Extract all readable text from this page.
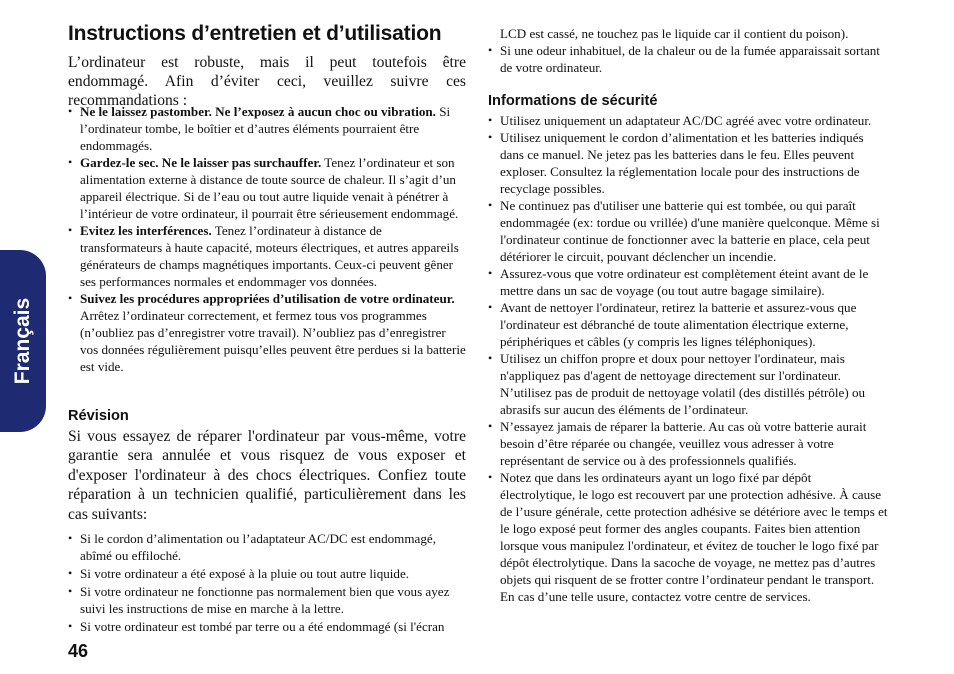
Français
Instructions d’entretien et d’utilisation

L’ordinateur est robuste, mais il peut toutefois être endommagé. Afin d’éviter ceci, veuillez suivre ces recommandations :

• Ne le laissez pastomber. Ne l’exposez à aucun choc ou vibration. Si l’ordinateur tombe, le boîtier et d’autres éléments pourraient être endommagés.
• Gardez-le sec. Ne le laisser pas surchauffer. Tenez l’ordinateur et son alimentation externe à distance de toute source de chaleur. Il s’agit d’un appareil électrique. Si de l’eau ou tout autre liquide venait à pénétrer à l’intérieur de votre ordinateur, il pourrait être sérieusement endommagé.
• Evitez les interférences. Tenez l’ordinateur à distance de transformateurs à haute capacité, moteurs électriques, et autres appareils générateurs de champs magnétiques importants. Ceux-ci peuvent gêner ses performances normales et endommager vos données.
• Suivez les procédures appropriées d’utilisation de votre ordinateur. Arrêtez l’ordinateur correctement, et fermez tous vos programmes (n’oubliez pas d’enregistrer votre travail). N’oubliez pas d’enregistrer vos données régulièrement puisqu’elles peuvent être perdues si la batterie est vide.
Révision

Si vous essayez de réparer l'ordinateur par vous-même, votre garantie sera annulée et vous risquez de vous exposer et d'exposer l'ordinateur à des chocs électriques. Confiez toute réparation à un technicien qualifié, particulièrement dans les cas suivants:

• Si le cordon d’alimentation ou l’adaptateur AC/DC est endommagé, abîmé ou effiloché.
• Si votre ordinateur a été exposé à la pluie ou tout autre liquide.
• Si votre ordinateur ne fonctionne pas normalement bien que vous ayez suivi les instructions de mise en marche à la lettre.
• Si votre ordinateur est tombé par terre ou a été endommagé (si l'écran

LCD est cassé, ne touchez pas le liquide car il contient du poison).

• Si une odeur inhabituel, de la chaleur ou de la fumée apparaissait sortant de votre ordinateur.
Informations de sécurité
• Utilisez uniquement un adaptateur AC/DC agréé avec votre ordinateur.
• Utilisez uniquement le cordon d’alimentation et les batteries indiqués dans ce manuel. Ne jetez pas les batteries dans le feu. Elles peuvent exploser. Consultez la réglementation locale pour des instructions de recyclage possibles.
• Ne continuez pas d'utiliser une batterie qui est tombée, ou qui paraît endommagée (ex: tordue ou vrillée) d'une manière quelconque. Même si l'ordinateur continue de fonctionner avec la batterie en place, cela peut détériorer le circuit, pouvant déclencher un incendie.
• Assurez-vous que votre ordinateur est complètement éteint avant de le mettre dans un sac de voyage (ou tout autre bagage similaire).
• Avant de nettoyer l'ordinateur, retirez la batterie et assurez-vous que l'ordinateur est débranché de toute alimentation électrique externe, périphériques et câbles (y compris les lignes téléphoniques).
• Utilisez un chiffon propre et doux pour nettoyer l'ordinateur, mais n'appliquez pas d'agent de nettoyage directement sur l'ordinateur. N’utilisez pas de produit de nettoyage volatil (des distillés pétrôle) ou abrasifs sur aucun des éléments de l’ordinateur.
• N’essayez jamais de réparer la batterie. Au cas où votre batterie aurait besoin d’être réparée ou changée, veuillez vous adresser à votre représentant de service ou à des professionnels qualifiés.
• Notez que dans les ordinateurs ayant un logo fixé par dépôt électrolytique, le logo est recouvert par une protection adhésive. À cause de l’usure générale, cette protection adhésive se détériore avec le temps et le logo exposé peut former des angles coupants. Faites bien attention lorsque vous manipulez l'ordinateur, et évitez de toucher le logo fixé par dépôt électrolytique. Dans la sacoche de voyage, ne mettez pas d’autres objets qui risquent de se frotter contre l’ordinateur pendant le transport. En cas d’une telle usure, contactez votre centre de services.
46
